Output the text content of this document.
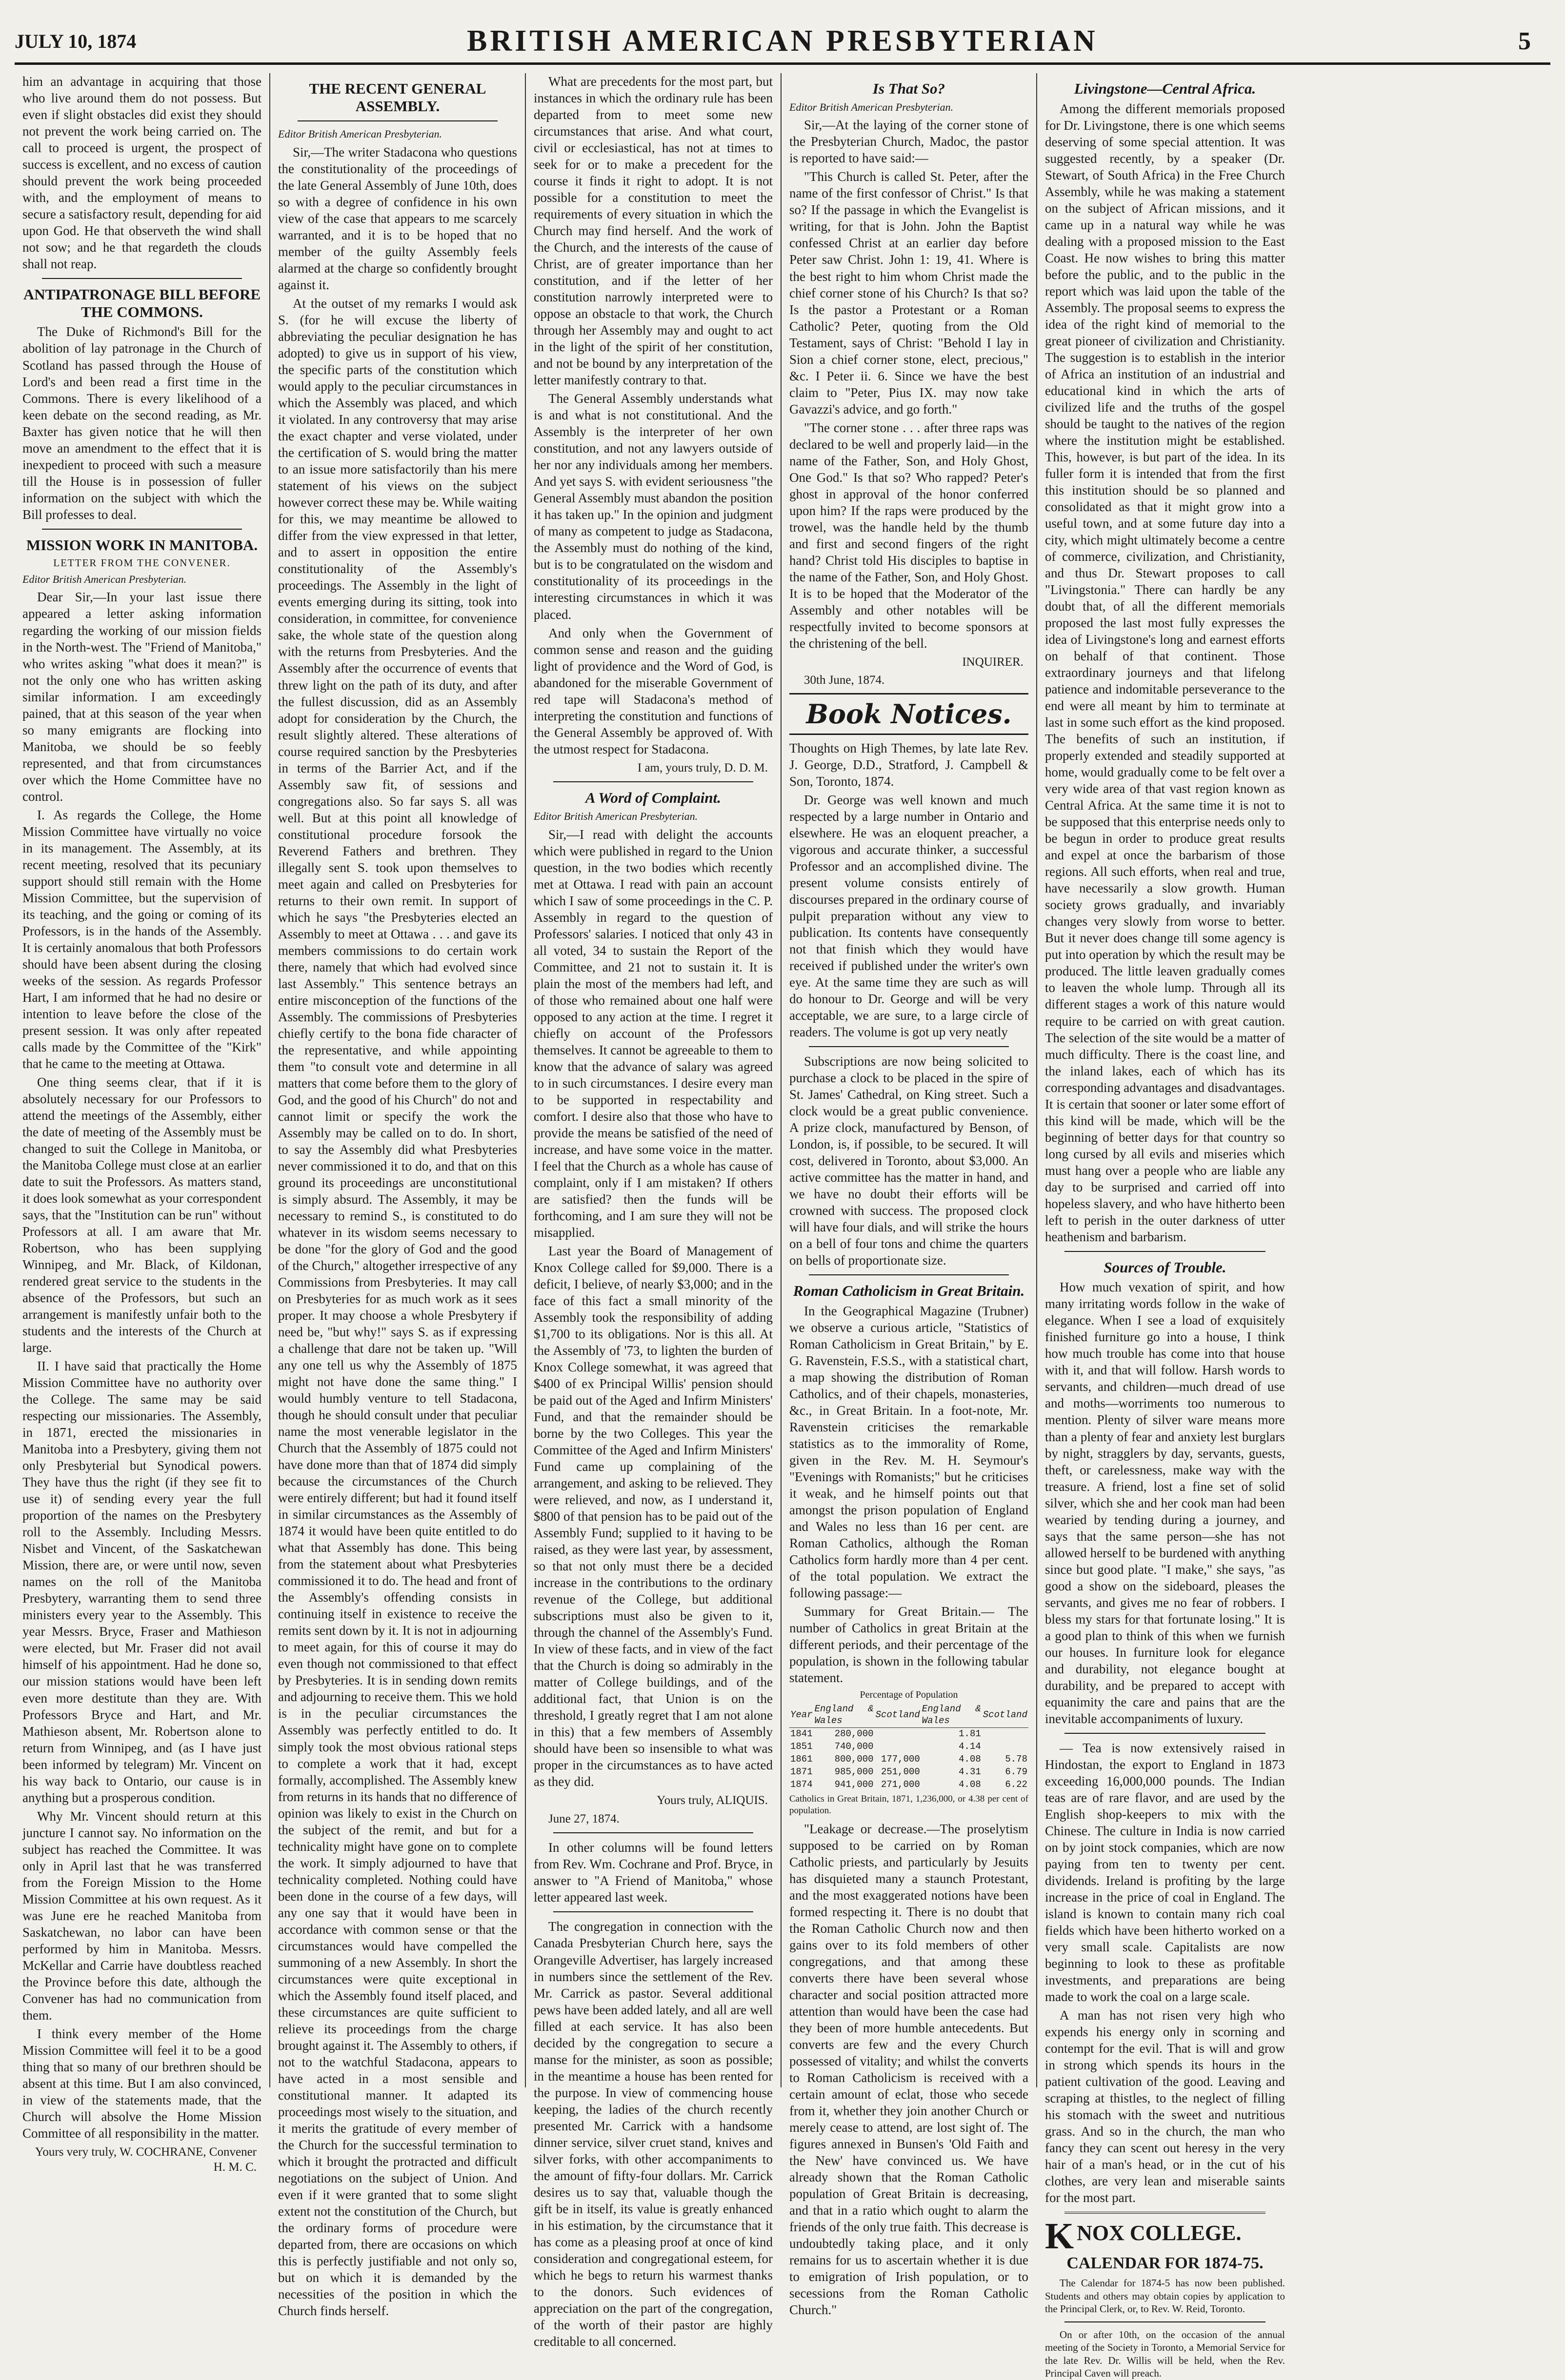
JULY 10, 1874	BRITISH AMERICAN PRESBYTERIAN	5

him an advantage in acquiring that those who live around them do not possess. But even if slight obstacles did exist they should not prevent the work being carried on. The call to proceed is urgent, the prospect of success is excellent, and no excess of caution should prevent the work being proceeded with, and the employment of means to secure a satisfactory result, depending for aid upon God. He that observeth the wind shall not sow; and he that regardeth the clouds shall not reap.

ANTIPATRONAGE BILL BEFORE THE COMMONS.

The Duke of Richmond's Bill for the abolition of lay patronage in the Church of Scotland has passed through the House of Lord's and been read a first time in the Commons. There is every likelihood of a keen debate on the second reading, as Mr. Baxter has given notice that he will then move an amendment to the effect that it is inexpedient to proceed with such a measure till the House is in possession of fuller information on the subject with which the Bill professes to deal.

MISSION WORK IN MANITOBA.
LETTER FROM THE CONVENER.
Editor British American Presbyterian.

Dear Sir,—In your last issue there appeared a letter asking information regarding the working of our mission fields in the North-west. The "Friend of Manitoba," who writes asking "what does it mean?" is not the only one who has written asking similar information. I am exceedingly pained, that at this season of the year when so many emigrants are flocking into Manitoba, we should be so feebly represented, and that from circumstances over which the Home Committee have no control.

I. As regards the College, the Home Mission Committee have virtually no voice in its management. The Assembly, at its recent meeting, resolved that its pecuniary support should still remain with the Home Mission Committee, but the supervision of its teaching, and the going or coming of its Professors, is in the hands of the Assembly. It is certainly anomalous that both Professors should have been absent during the closing weeks of the session. As regards Professor Hart, I am informed that he had no desire or intention to leave before the close of the present session. It was only after repeated calls made by the Committee of the "Kirk" that he came to the meeting at Ottawa.

One thing seems clear, that if it is absolutely necessary for our Professors to attend the meetings of the Assembly, either the date of meeting of the Assembly must be changed to suit the College in Manitoba, or the Manitoba College must close at an earlier date to suit the Professors. As matters stand, it does look somewhat as your correspondent says, that the "Institution can be run" without Professors at all. I am aware that Mr. Robertson, who has been supplying Winnipeg, and Mr. Black, of Kildonan, rendered great service to the students in the absence of the Professors, but such an arrangement is manifestly unfair both to the students and the interests of the Church at large.

II. I have said that practically the Home Mission Committee have no authority over the College. The same may be said respecting our missionaries. The Assembly, in 1871, erected the missionaries in Manitoba into a Presbytery, giving them not only Presbyterial but Synodical powers. They have thus the right (if they see fit to use it) of sending every year the full proportion of the names on the Presbytery roll to the Assembly. Including Messrs. Nisbet and Vincent, of the Saskatchewan Mission, there are, or were until now, seven names on the roll of the Manitoba Presbytery, warranting them to send three ministers every year to the Assembly. This year Messrs. Bryce, Fraser and Mathieson were elected, but Mr. Fraser did not avail himself of his appointment. Had he done so, our mission stations would have been left even more destitute than they are. With Professors Bryce and Hart, and Mr. Mathieson absent, Mr. Robertson alone to return from Winnipeg, and (as I have just been informed by telegram) Mr. Vincent on his way back to Ontario, our cause is in anything but a prosperous condition.

Why Mr. Vincent should return at this juncture I cannot say. No information on the subject has reached the Committee. It was only in April last that he was transferred from the Foreign Mission to the Home Mission Committee at his own request. As it was June ere he reached Manitoba from Saskatchewan, no labor can have been performed by him in Manitoba. Messrs. McKellar and Carrie have doubtless reached the Province before this date, although the Convener has had no communication from them.

I think every member of the Home Mission Committee will feel it to be a good thing that so many of our brethren should be absent at this time. But I am also convinced, in view of the statements made, that the Church will absolve the Home Mission Committee of all responsibility in the matter.

Yours very truly, W. COCHRANE, Convener H. M. C.
THE RECENT GENERAL ASSEMBLY.
Editor British American Presbyterian.

Sir,—The writer Stadacona who questions the constitutionality of the proceedings of the late General Assembly of June 10th, does so with a degree of confidence in his own view of the case that appears to me scarcely warranted, and it is to be hoped that no member of the guilty Assembly feels alarmed at the charge so confidently brought against it.

At the outset of my remarks I would ask S. (for he will excuse the liberty of abbreviating the peculiar designation he has adopted) to give us in support of his view, the specific parts of the constitution which would apply to the peculiar circumstances in which the Assembly was placed, and which it violated. In any controversy that may arise the exact chapter and verse violated, under the certification of S. would bring the matter to an issue more satisfactorily than his mere statement of his views on the subject however correct these may be. While waiting for this, we may meantime be allowed to differ from the view expressed in that letter, and to assert in opposition the entire constitutionality of the Assembly's proceedings. The Assembly in the light of events emerging during its sitting, took into consideration, in committee, for convenience sake, the whole state of the question along with the returns from Presbyteries. And the Assembly after the occurrence of events that threw light on the path of its duty, and after the fullest discussion, did as an Assembly adopt for consideration by the Church, the result slightly altered. These alterations of course required sanction by the Presbyteries in terms of the Barrier Act, and if the Assembly saw fit, of sessions and congregations also. So far says S. all was well. But at this point all knowledge of constitutional procedure forsook the Reverend Fathers and brethren. They illegally sent S. took upon themselves to meet again and called on Presbyteries for returns to their own remit. In support of which he says "the Presbyteries elected an Assembly to meet at Ottawa . . . and gave its members commissions to do certain work there, namely that which had evolved since last Assembly." This sentence betrays an entire misconception of the functions of the Assembly. The commissions of Presbyteries chiefly certify to the bona fide character of the representative, and while appointing them "to consult vote and determine in all matters that come before them to the glory of God, and the good of his Church" do not and cannot limit or specify the work the Assembly may be called on to do. In short, to say the Assembly did what Presbyteries never commissioned it to do, and that on this ground its proceedings are unconstitutional is simply absurd. The Assembly, it may be necessary to remind S., is constituted to do whatever in its wisdom seems necessary to be done "for the glory of God and the good of the Church," altogether irrespective of any Commissions from Presbyteries. It may call on Presbyteries for as much work as it sees proper. It may choose a whole Presbytery if need be, "but why!" says S. as if expressing a challenge that dare not be taken up. "Will any one tell us why the Assembly of 1875 might not have done the same thing." I would humbly venture to tell Stadacona, though he should consult under that peculiar name the most venerable legislator in the Church that the Assembly of 1875 could not have done more than that of 1874 did simply because the circumstances of the Church were entirely different; but had it found itself in similar circumstances as the Assembly of 1874 it would have been quite entitled to do what that Assembly has done. This being from the statement about what Presbyteries commissioned it to do. The head and front of the Assembly's offending consists in continuing itself in existence to receive the remits sent down by it. It is not in adjourning to meet again, for this of course it may do even though not commissioned to that effect by Presbyteries. It is in sending down remits and adjourning to receive them. This we hold is in the peculiar circumstances the Assembly was perfectly entitled to do. It simply took the most obvious rational steps to complete a work that it had, except formally, accomplished. The Assembly knew from returns in its hands that no difference of opinion was likely to exist in the Church on the subject of the remit, and but for a technicality might have gone on to complete the work. It simply adjourned to have that technicality completed. Nothing could have been done in the course of a few days, will any one say that it would have been in accordance with common sense or that the circumstances would have compelled the summoning of a new Assembly. In short the circumstances were quite exceptional in which the Assembly found itself placed, and these circumstances are quite sufficient to relieve its proceedings from the charge brought against it. The Assembly to others, if not to the watchful Stadacona, appears to have acted in a most sensible and constitutional manner. It adapted its proceedings most wisely to the situation, and it merits the gratitude of every member of the Church for the successful termination to which it brought the protracted and difficult negotiations on the subject of Union. And even if it were granted that to some slight extent not the constitution of the Church, but the ordinary forms of procedure were departed from, there are occasions on which this is perfectly justifiable and not only so, but on which it is demanded by the necessities of the position in which the Church finds herself.

What are precedents for the most part, but instances in which the ordinary rule has been departed from to meet some new circumstances that arise. And what court, civil or ecclesiastical, has not at times to seek for or to make a precedent for the course it finds it right to adopt. It is not possible for a constitution to meet the requirements of every situation in which the Church may find herself. And the work of the Church, and the interests of the cause of Christ, are of greater importance than her constitution, and if the letter of her constitution narrowly interpreted were to oppose an obstacle to that work, the Church through her Assembly may and ought to act in the light of the spirit of her constitution, and not be bound by any interpretation of the letter manifestly contrary to that.

The General Assembly understands what is and what is not constitutional. And the Assembly is the interpreter of her own constitution, and not any lawyers outside of her nor any individuals among her members. And yet says S. with evident seriousness "the General Assembly must abandon the position it has taken up." In the opinion and judgment of many as competent to judge as Stadacona, the Assembly must do nothing of the kind, but is to be congratulated on the wisdom and constitutionality of its proceedings in the interesting circumstances in which it was placed.

And only when the Government of common sense and reason and the guiding light of providence and the Word of God, is abandoned for the miserable Government of red tape will Stadacona's method of interpreting the constitution and functions of the General Assembly be approved of. With the utmost respect for Stadacona.

I am, yours truly, D. D. M.
A Word of Complaint.
Editor British American Presbyterian.

Sir,—I read with delight the accounts which were published in regard to the Union question, in the two bodies which recently met at Ottawa. I read with pain an account which I saw of some proceedings in the C. P. Assembly in regard to the question of Professors' salaries. I noticed that only 43 in all voted, 34 to sustain the Report of the Committee, and 21 not to sustain it. It is plain the most of the members had left, and of those who remained about one half were opposed to any action at the time. I regret it chiefly on account of the Professors themselves. It cannot be agreeable to them to know that the advance of salary was agreed to in such circumstances. I desire every man to be supported in respectability and comfort. I desire also that those who have to provide the means be satisfied of the need of increase, and have some voice in the matter. I feel that the Church as a whole has cause of complaint, only if I am mistaken? If others are satisfied? then the funds will be forthcoming, and I am sure they will not be misapplied.

Last year the Board of Management of Knox College called for $9,000. There is a deficit, I believe, of nearly $3,000; and in the face of this fact a small minority of the Assembly took the responsibility of adding $1,700 to its obligations. Nor is this all. At the Assembly of '73, to lighten the burden of Knox College somewhat, it was agreed that $400 of ex Principal Willis' pension should be paid out of the Aged and Infirm Ministers' Fund, and that the remainder should be borne by the two Colleges. This year the Committee of the Aged and Infirm Ministers' Fund came up complaining of the arrangement, and asking to be relieved. They were relieved, and now, as I understand it, $800 of that pension has to be paid out of the Assembly Fund; supplied to it having to be raised, as they were last year, by assessment, so that not only must there be a decided increase in the contributions to the ordinary revenue of the College, but additional subscriptions must also be given to it, through the channel of the Assembly's Fund. In view of these facts, and in view of the fact that the Church is doing so admirably in the matter of College buildings, and of the additional fact, that Union is on the threshold, I greatly regret that I am not alone in this) that a few members of Assembly should have been so insensible to what was proper in the circumstances as to have acted as they did.

Yours truly, ALIQUIS.
June 27, 1874.

In other columns will be found letters from Rev. Wm. Cochrane and Prof. Bryce, in answer to "A Friend of Manitoba," whose letter appeared last week.

The congregation in connection with the Canada Presbyterian Church here, says the Orangeville Advertiser, has largely increased in numbers since the settlement of the Rev. Mr. Carrick as pastor. Several additional pews have been added lately, and all are well filled at each service. It has also been decided by the congregation to secure a manse for the minister, as soon as possible; in the meantime a house has been rented for the purpose. In view of commencing house keeping, the ladies of the church recently presented Mr. Carrick with a handsome dinner service, silver cruet stand, knives and silver forks, with other accompaniments to the amount of fifty-four dollars. Mr. Carrick desires us to say that, valuable though the gift be in itself, its value is greatly enhanced in his estimation, by the circumstance that it has come as a pleasing proof at once of kind consideration and congregational esteem, for which he begs to return his warmest thanks to the donors. Such evidences of appreciation on the part of the congregation, of the worth of their pastor are highly creditable to all concerned.

Is That So?
Editor British American Presbyterian.

Sir,—At the laying of the corner stone of the Presbyterian Church, Madoc, the pastor is reported to have said:—

"This Church is called St. Peter, after the name of the first confessor of Christ." Is that so? If the passage in which the Evangelist is writing, for that is John. John the Baptist confessed Christ at an earlier day before Peter saw Christ. John 1: 19, 41. Where is the best right to him whom Christ made the chief corner stone of his Church? Is that so? Is the pastor a Protestant or a Roman Catholic? Peter, quoting from the Old Testament, says of Christ: "Behold I lay in Sion a chief corner stone, elect, precious," &c. I Peter ii. 6. Since we have the best claim to "Peter, Pius IX. may now take Gavazzi's advice, and go forth."

"The corner stone . . . after three raps was declared to be well and properly laid—in the name of the Father, Son, and Holy Ghost, One God." Is that so? Who rapped? Peter's ghost in approval of the honor conferred upon him? If the raps were produced by the trowel, was the handle held by the thumb and first and second fingers of the right hand? Christ told His disciples to baptise in the name of the Father, Son, and Holy Ghost. It is to be hoped that the Moderator of the Assembly and other notables will be respectfully invited to become sponsors at the christening of the bell.

INQUIRER.
30th June, 1874.
Book Notices.

Thoughts on High Themes, by late late Rev. J. George, D.D., Stratford, J. Campbell & Son, Toronto, 1874.

Dr. George was well known and much respected by a large number in Ontario and elsewhere. He was an eloquent preacher, a vigorous and accurate thinker, a successful Professor and an accomplished divine. The present volume consists entirely of discourses prepared in the ordinary course of pulpit preparation without any view to publication. Its contents have consequently not that finish which they would have received if published under the writer's own eye. At the same time they are such as will do honour to Dr. George and will be very acceptable, we are sure, to a large circle of readers. The volume is got up very neatly

Subscriptions are now being solicited to purchase a clock to be placed in the spire of St. James' Cathedral, on King street. Such a clock would be a great public convenience. A prize clock, manufactured by Benson, of London, is, if possible, to be secured. It will cost, delivered in Toronto, about $3,000. An active committee has the matter in hand, and we have no doubt their efforts will be crowned with success. The proposed clock will have four dials, and will strike the hours on a bell of four tons and chime the quarters on bells of proportionate size.

Roman Catholicism in Great Britain.

In the Geographical Magazine (Trubner) we observe a curious article, "Statistics of Roman Catholicism in Great Britain," by E. G. Ravenstein, F.S.S., with a statistical chart, a map showing the distribution of Roman Catholics, and of their chapels, monasteries, &c., in Great Britain. In a foot-note, Mr. Ravenstein criticises the remarkable statistics as to the immorality of Rome, given in the Rev. M. H. Seymour's "Evenings with Romanists;" but he criticises it weak, and he himself points out that amongst the prison population of England and Wales no less than 16 per cent. are Roman Catholics, although the Roman Catholics form hardly more than 4 per cent. of the total population. We extract the following passage:—

Summary for Great Britain.— The number of Catholics in great Britain at the different periods, and their percentage of the population, is shown in the following tabular statement.

Percentage of Population
Year	England & Wales	Scotland	England & Wales	Scotland
1841	280,000		1.81	
1851	740,000		4.14	
1861	800,000	177,000	4.08	5.78
1871	985,000	251,000	4.31	6.79
1874	941,000	271,000	4.08	6.22
Catholics in Great Britain, 1871, 1,236,000, or 4.38 per cent of population.

"Leakage or decrease.—The proselytism supposed to be carried on by Roman Catholic priests, and particularly by Jesuits has disquieted many a staunch Protestant, and the most exaggerated notions have been formed respecting it. There is no doubt that the Roman Catholic Church now and then gains over to its fold members of other congregations, and that among these converts there have been several whose character and social position attracted more attention than would have been the case had they been of more humble antecedents. But converts are few and the every Church possessed of vitality; and whilst the converts to Roman Catholicism is received with a certain amount of eclat, those who secede from it, whether they join another Church or merely cease to attend, are lost sight of. The figures annexed in Bunsen's 'Old Faith and the New' have convinced us. We have already shown that the Roman Catholic population of Great Britain is decreasing, and that in a ratio which ought to alarm the friends of the only true faith. This decrease is undoubtedly taking place, and it only remains for us to ascertain whether it is due to emigration of Irish population, or to secessions from the Roman Catholic Church."

Livingstone—Central Africa.

Among the different memorials proposed for Dr. Livingstone, there is one which seems deserving of some special attention. It was suggested recently, by a speaker (Dr. Stewart, of South Africa) in the Free Church Assembly, while he was making a statement on the subject of African missions, and it came up in a natural way while he was dealing with a proposed mission to the East Coast. He now wishes to bring this matter before the public, and to the public in the report which was laid upon the table of the Assembly. The proposal seems to express the idea of the right kind of memorial to the great pioneer of civilization and Christianity. The suggestion is to establish in the interior of Africa an institution of an industrial and educational kind in which the arts of civilized life and the truths of the gospel should be taught to the natives of the region where the institution might be established. This, however, is but part of the idea. In its fuller form it is intended that from the first this institution should be so planned and consolidated as that it might grow into a useful town, and at some future day into a city, which might ultimately become a centre of commerce, civilization, and Christianity, and thus Dr. Stewart proposes to call "Livingstonia." There can hardly be any doubt that, of all the different memorials proposed the last most fully expresses the idea of Livingstone's long and earnest efforts on behalf of that continent. Those extraordinary journeys and that lifelong patience and indomitable perseverance to the end were all meant by him to terminate at last in some such effort as the kind proposed. The benefits of such an institution, if properly extended and steadily supported at home, would gradually come to be felt over a very wide area of that vast region known as Central Africa. At the same time it is not to be supposed that this enterprise needs only to be begun in order to produce great results and expel at once the barbarism of those regions. All such efforts, when real and true, have necessarily a slow growth. Human society grows gradually, and invariably changes very slowly from worse to better. But it never does change till some agency is put into operation by which the result may be produced. The little leaven gradually comes to leaven the whole lump. Through all its different stages a work of this nature would require to be carried on with great caution. The selection of the site would be a matter of much difficulty. There is the coast line, and the inland lakes, each of which has its corresponding advantages and disadvantages. It is certain that sooner or later some effort of this kind will be made, which will be the beginning of better days for that country so long cursed by all evils and miseries which must hang over a people who are liable any day to be surprised and carried off into hopeless slavery, and who have hitherto been left to perish in the outer darkness of utter heathenism and barbarism.

Sources of Trouble.

How much vexation of spirit, and how many irritating words follow in the wake of elegance. When I see a load of exquisitely finished furniture go into a house, I think how much trouble has come into that house with it, and that will follow. Harsh words to servants, and children—much dread of use and moths—worriments too numerous to mention. Plenty of silver ware means more than a plenty of fear and anxiety lest burglars by night, stragglers by day, servants, guests, theft, or carelessness, make way with the treasure. A friend, lost a fine set of solid silver, which she and her cook man had been wearied by tending during a journey, and says that the same person—she has not allowed herself to be burdened with anything since but good plate. "I make," she says, "as good a show on the sideboard, pleases the servants, and gives me no fear of robbers. I bless my stars for that fortunate losing." It is a good plan to think of this when we furnish our houses. In furniture look for elegance and durability, not elegance bought at durability, and be prepared to accept with equanimity the care and pains that are the inevitable accompaniments of luxury.

— Tea is now extensively raised in Hindostan, the export to England in 1873 exceeding 16,000,000 pounds. The Indian teas are of rare flavor, and are used by the English shop-keepers to mix with the Chinese. The culture in India is now carried on by joint stock companies, which are now paying from ten to twenty per cent. dividends. Ireland is profiting by the large increase in the price of coal in England. The island is known to contain many rich coal fields which have been hitherto worked on a very small scale. Capitalists are now beginning to look to these as profitable investments, and preparations are being made to work the coal on a large scale.

A man has not risen very high who expends his energy only in scorning and contempt for the evil. That is will and grow in strong which spends its hours in the patient cultivation of the good. Leaving and scraping at thistles, to the neglect of filling his stomach with the sweet and nutritious grass. And so in the church, the man who fancy they can scent out heresy in the very hair of a man's head, or in the cut of his clothes, are very lean and miserable saints for the most part.

KNOX COLLEGE.
CALENDAR FOR 1874-75.

The Calendar for 1874-5 has now been published. Students and others may obtain copies by application to the Principal Clerk, or, to Rev. W. Reid, Toronto.

On or after 10th, on the occasion of the annual meeting of the Society in Toronto, a Memorial Service for the late Rev. Dr. Willis will be held, when the Rev. Principal Caven will preach.
